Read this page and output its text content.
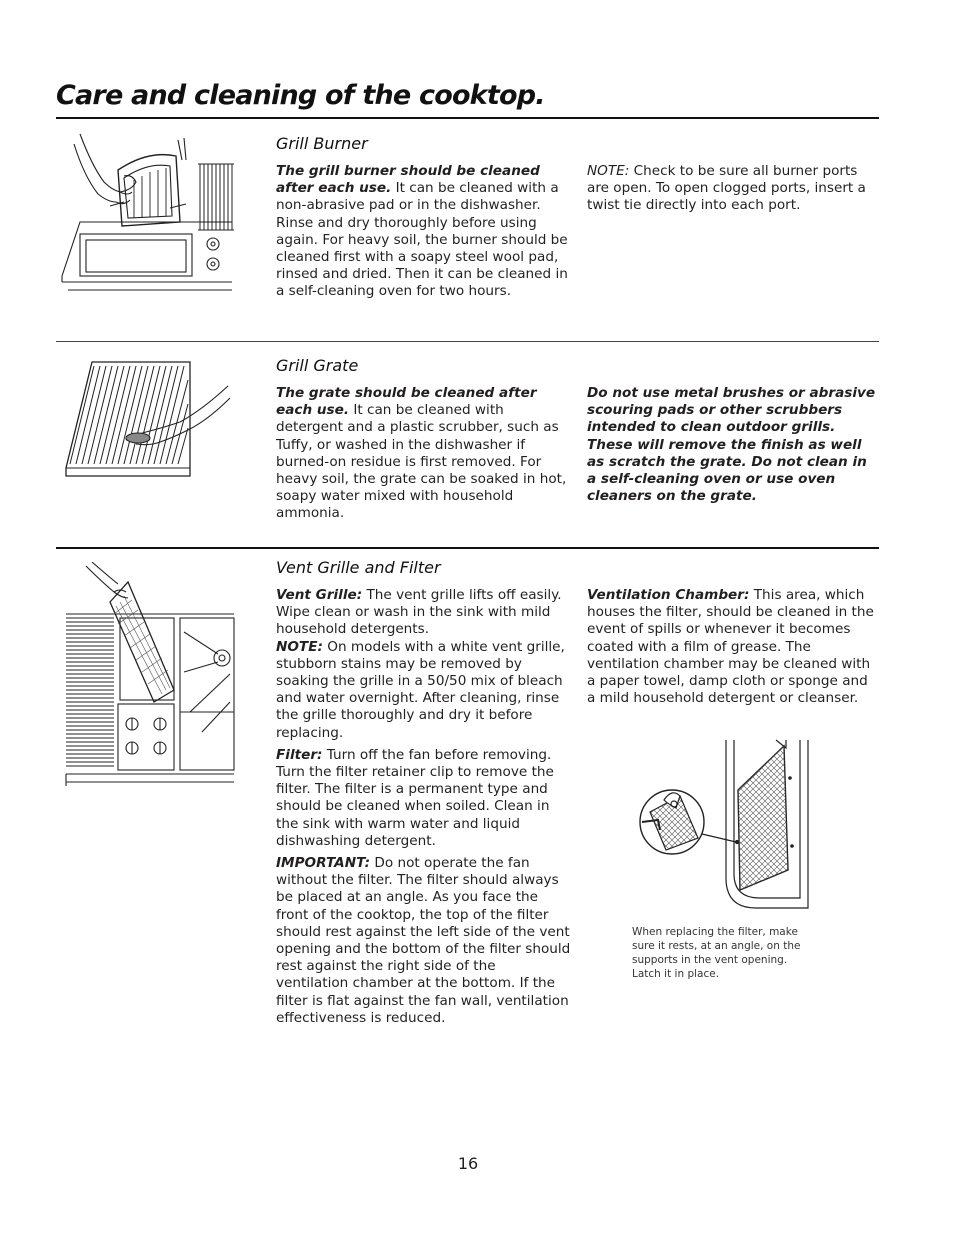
Care and cleaning of the cooktop.
Grill Burner

The grill burner should be cleaned after each use. It can be cleaned with a non-abrasive pad or in the dishwasher. Rinse and dry thoroughly before using again. For heavy soil, the burner should be cleaned first with a soapy steel wool pad, rinsed and dried. Then it can be cleaned in a self-cleaning oven for two hours.

NOTE: Check to be sure all burner ports are open. To open clogged ports, insert a twist tie directly into each port.

Grill Grate

The grate should be cleaned after each use. It can be cleaned with detergent and a plastic scrubber, such as Tuffy, or washed in the dishwasher if burned-on residue is first removed. For heavy soil, the grate can be soaked in hot, soapy water mixed with household ammonia.

Do not use metal brushes or abrasive scouring pads or other scrubbers intended to clean outdoor grills.
These will remove the finish as well as scratch the grate. Do not clean in a self-cleaning oven or use oven cleaners on the grate.
Vent Grille and Filter

Vent Grille: The vent grille lifts off easily. Wipe clean or wash in the sink with mild household detergents.
NOTE: On models with a white vent grille, stubborn stains may be removed by soaking the grille in a 50/50 mix of bleach and water overnight. After cleaning, rinse the grille thoroughly and dry it before replacing.

Filter: Turn off the fan before removing. Turn the filter retainer clip to remove the filter. The filter is a permanent type and should be cleaned when soiled. Clean in the sink with warm water and liquid dishwashing detergent.

IMPORTANT: Do not operate the fan without the filter. The filter should always be placed at an angle. As you face the front of the cooktop, the top of the filter should rest against the left side of the vent opening and the bottom of the filter should rest against the right side of the ventilation chamber at the bottom. If the filter is flat against the fan wall, ventilation effectiveness is reduced.

Ventilation Chamber: This area, which houses the filter, should be cleaned in the event of spills or whenever it becomes coated with a film of grease. The ventilation chamber may be cleaned with a paper towel, damp cloth or sponge and a mild household detergent or cleanser.

When replacing the filter, make sure it rests, at an angle, on the supports in the vent opening. Latch it in place.
16
